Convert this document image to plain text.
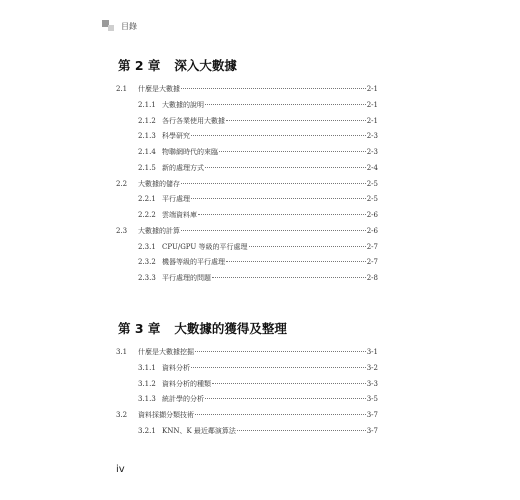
目錄
第 2 章 深入大數據
2.1	什麼是大數據	2-1
2.1.1 大數據的說明	2-1
2.1.2 各行各業使用大數據	2-1
2.1.3 科學研究	2-3
2.1.4 物聯網時代的來臨	2-3
2.1.5 新的處理方式	2-4
2.2	大數據的儲存	2-5
2.2.1 平行處理	2-5
2.2.2 雲端資料庫	2-6
2.3	大數據的計算	2-6
2.3.1 CPU/GPU 等級的平行處理	2-7
2.3.2 機器等級的平行處理	2-7
2.3.3 平行處理的問題	2-8
第 3 章 大數據的獲得及整理
3.1	什麼是大數據挖掘	3-1
3.1.1 資料分析	3-2
3.1.2 資料分析的種類	3-3
3.1.3 統計學的分析	3-5
3.2	資料採擷分類技術	3-7
3.2.1 KNN、K 最近鄰演算法	3-7
iv
